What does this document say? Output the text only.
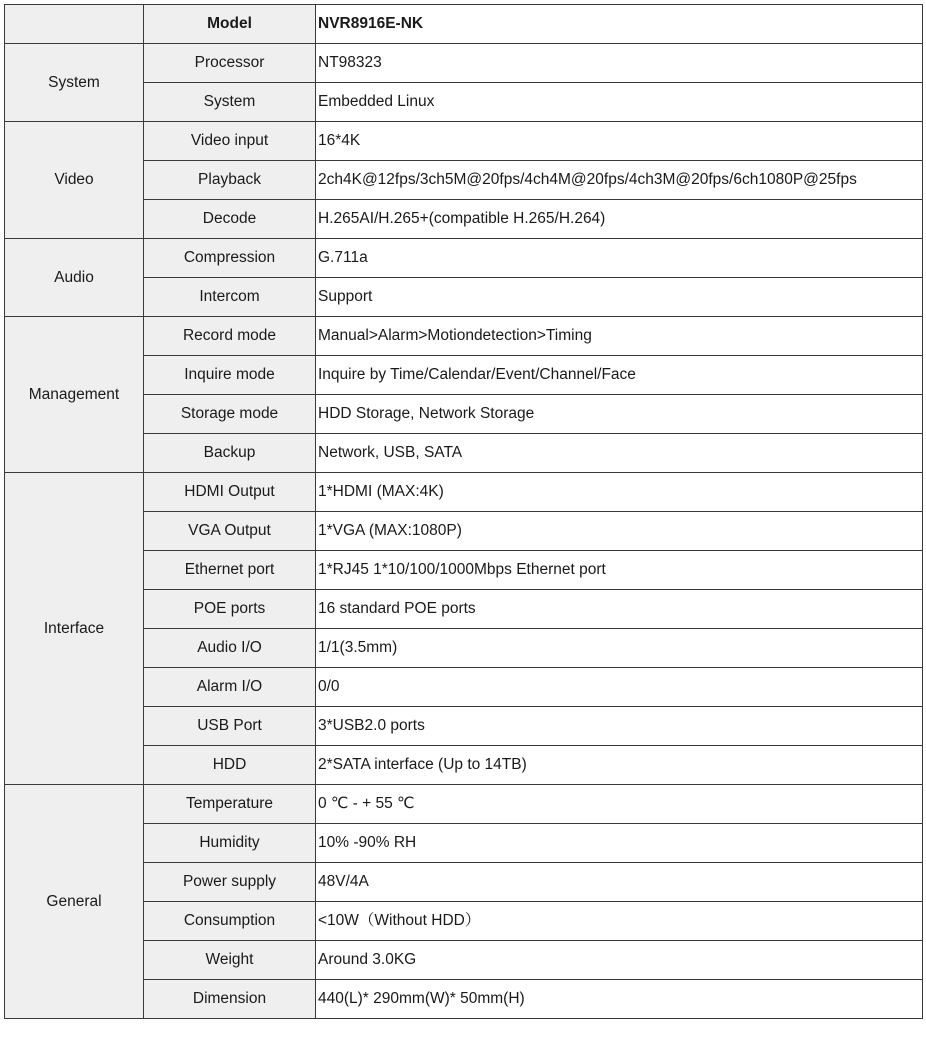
	Model	NVR8916E-NK
System	Processor	NT98323
	System	Embedded Linux
Video	Video input	16*4K
	Playback	2ch4K@12fps/3ch5M@20fps/4ch4M@20fps/4ch3M@20fps/6ch1080P@25fps
	Decode	H.265AI/H.265+(compatible H.265/H.264)
Audio	Compression	G.711a
	Intercom	Support
Management	Record mode	Manual>Alarm>Motiondetection>Timing
	Inquire mode	Inquire by Time/Calendar/Event/Channel/Face
	Storage mode	HDD Storage, Network Storage
	Backup	Network, USB, SATA
Interface	HDMI Output	1*HDMI (MAX:4K)
	VGA Output	1*VGA (MAX:1080P)
	Ethernet port	1*RJ45 1*10/100/1000Mbps Ethernet port
	POE ports	16 standard POE ports
	Audio I/O	1/1(3.5mm)
	Alarm I/O	0/0
	USB Port	3*USB2.0 ports
	HDD	2*SATA interface (Up to 14TB)
General	Temperature	0 ℃ - + 55 ℃
	Humidity	10% -90% RH
	Power supply	48V/4A
	Consumption	<10W（Without HDD）
	Weight	Around 3.0KG
	Dimension	440(L)* 290mm(W)* 50mm(H)
